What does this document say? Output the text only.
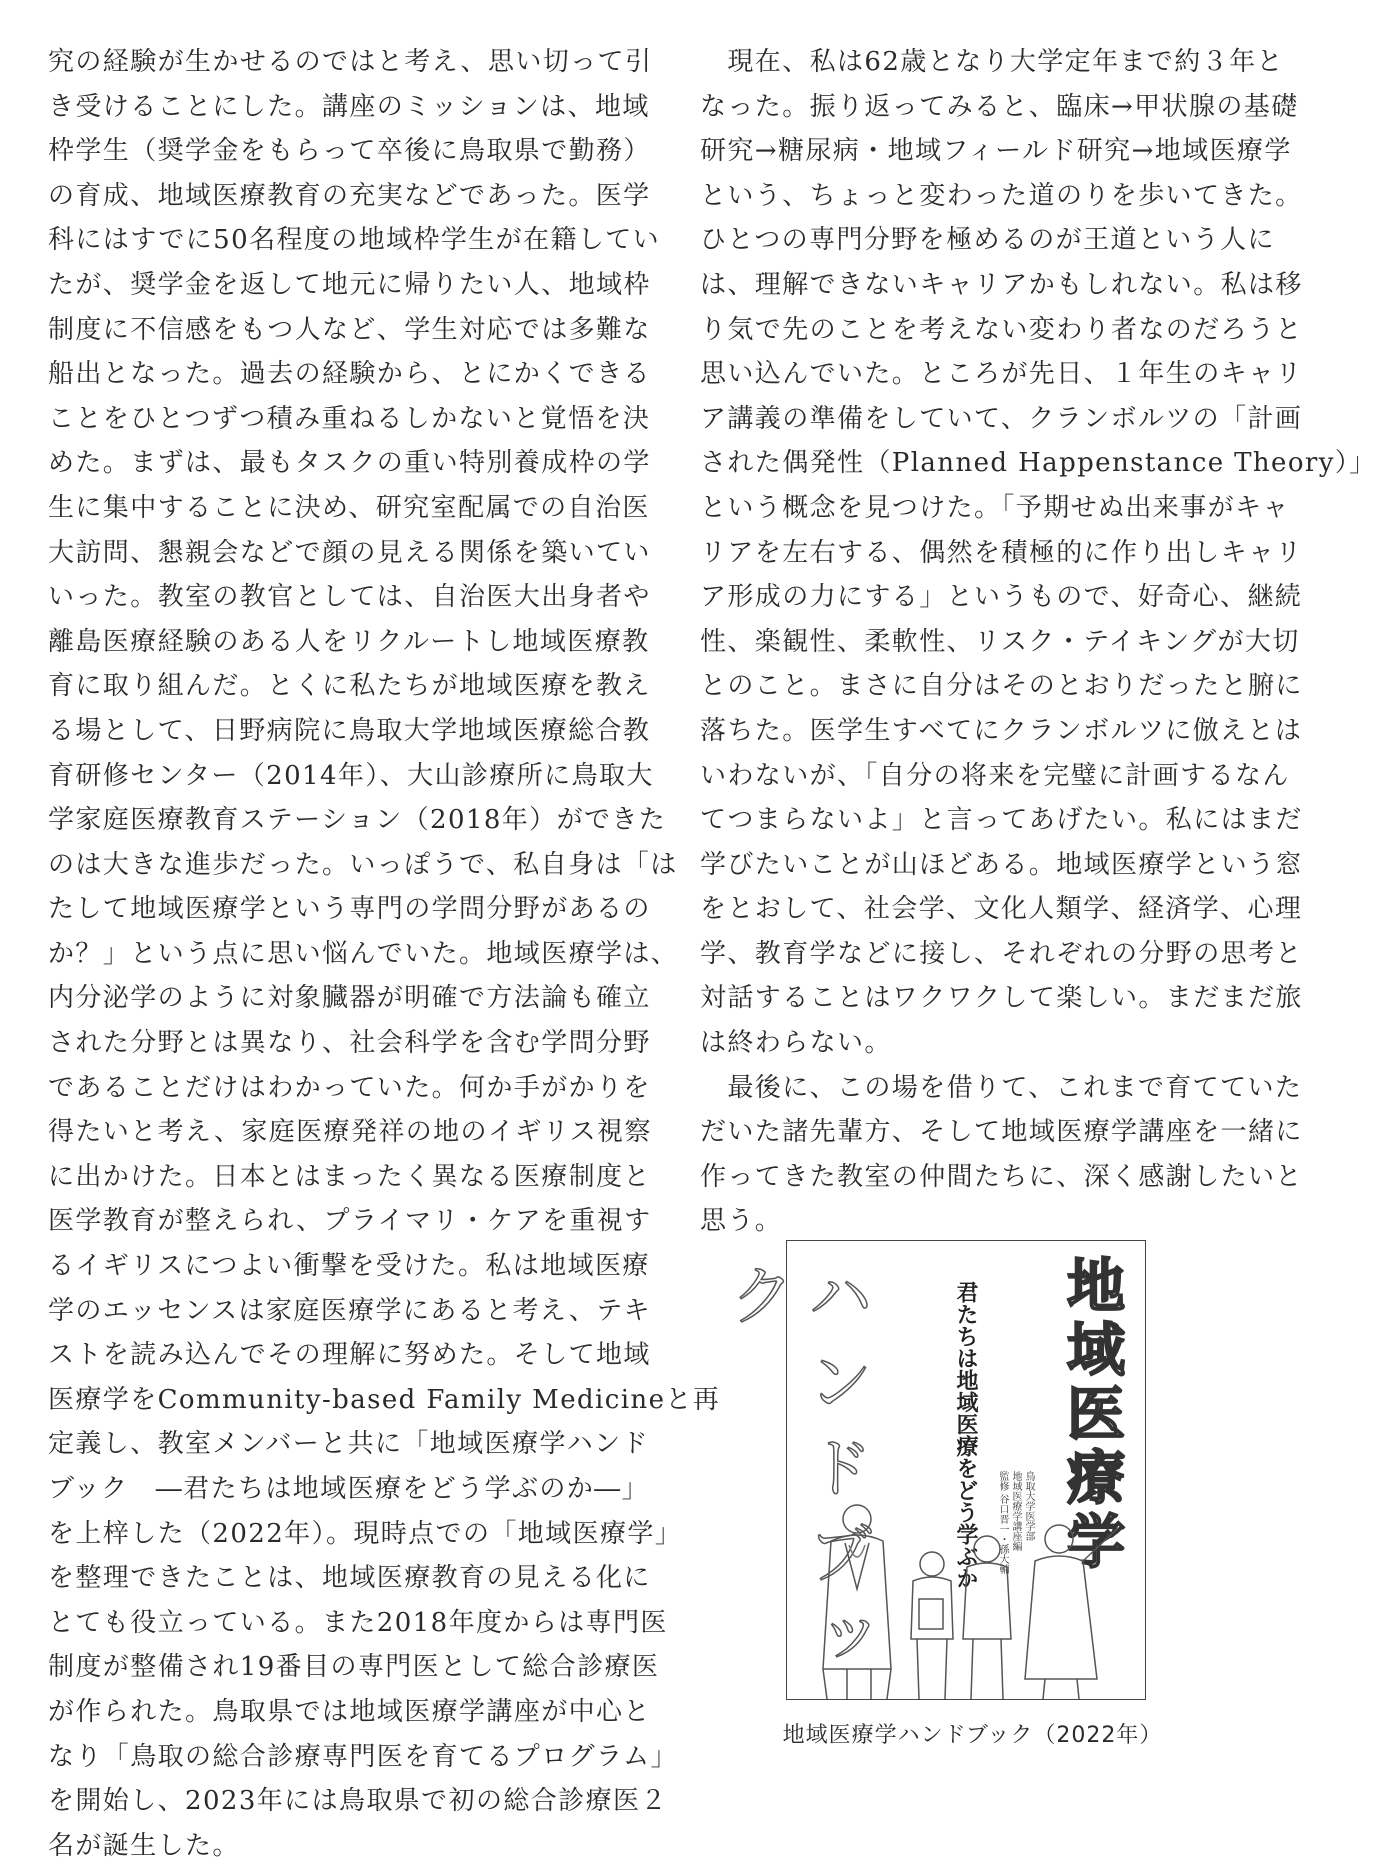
究の経験が生かせるのではと考え、思い切って引
き受けることにした。講座のミッションは、地域
枠学生（奨学金をもらって卒後に鳥取県で勤務）
の育成、地域医療教育の充実などであった。医学
科にはすでに50名程度の地域枠学生が在籍してい
たが、奨学金を返して地元に帰りたい人、地域枠
制度に不信感をもつ人など、学生対応では多難な
船出となった。過去の経験から、とにかくできる
ことをひとつずつ積み重ねるしかないと覚悟を決
めた。まずは、最もタスクの重い特別養成枠の学
生に集中することに決め、研究室配属での自治医
大訪問、懇親会などで顔の見える関係を築いてい
いった。教室の教官としては、自治医大出身者や
離島医療経験のある人をリクルートし地域医療教
育に取り組んだ。とくに私たちが地域医療を教え
る場として、日野病院に鳥取大学地域医療総合教
育研修センター（2014年）、大山診療所に鳥取大
学家庭医療教育ステーション（2018年）ができた
のは大きな進歩だった。いっぽうで、私自身は「は
たして地域医療学という専門の学問分野があるの
か？」という点に思い悩んでいた。地域医療学は、
内分泌学のように対象臓器が明確で方法論も確立
された分野とは異なり、社会科学を含む学問分野
であることだけはわかっていた。何か手がかりを
得たいと考え、家庭医療発祥の地のイギリス視察
に出かけた。日本とはまったく異なる医療制度と
医学教育が整えられ、プライマリ・ケアを重視す
るイギリスにつよい衝撃を受けた。私は地域医療
学のエッセンスは家庭医療学にあると考え、テキ
ストを読み込んでその理解に努めた。そして地域
医療学をCommunity-based Family Medicineと再
定義し、教室メンバーと共に「地域医療学ハンド
ブック　―君たちは地域医療をどう学ぶのか―」
を上梓した（2022年）。現時点での「地域医療学」
を整理できたことは、地域医療教育の見える化に
とても役立っている。また2018年度からは専門医
制度が整備され19番目の専門医として総合診療医
が作られた。鳥取県では地域医療学講座が中心と
なり「鳥取の総合診療専門医を育てるプログラム」
を開始し、2023年には鳥取県で初の総合診療医２
名が誕生した。
　現在、私は62歳となり大学定年まで約３年と
なった。振り返ってみると、臨床→甲状腺の基礎
研究→糖尿病・地域フィールド研究→地域医療学
という、ちょっと変わった道のりを歩いてきた。
ひとつの専門分野を極めるのが王道という人に
は、理解できないキャリアかもしれない。私は移
り気で先のことを考えない変わり者なのだろうと
思い込んでいた。ところが先日、１年生のキャリ
ア講義の準備をしていて、クランボルツの「計画
された偶発性（Planned Happenstance Theory）」
という概念を見つけた。「予期せぬ出来事がキャ
リアを左右する、偶然を積極的に作り出しキャリ
ア形成の力にする」というもので、好奇心、継続
性、楽観性、柔軟性、リスク・テイキングが大切
とのこと。まさに自分はそのとおりだったと腑に
落ちた。医学生すべてにクランボルツに倣えとは
いわないが、「自分の将来を完璧に計画するなん
てつまらないよ」と言ってあげたい。私にはまだ
学びたいことが山ほどある。地域医療学という窓
をとおして、社会学、文化人類学、経済学、心理
学、教育学などに接し、それぞれの分野の思考と
対話することはワクワクして楽しい。まだまだ旅
は終わらない。
　最後に、この場を借りて、これまで育てていた
だいた諸先輩方、そして地域医療学講座を一緒に
作ってきた教室の仲間たちに、深く感謝したいと
思う。
ハンドブック	君たちは地域医療をどう学ぶか	鳥取大学医学部
地域医療学講座編
監修 谷口晋一・孫大輔 地域医療学
地域医療学ハンドブック（2022年）
